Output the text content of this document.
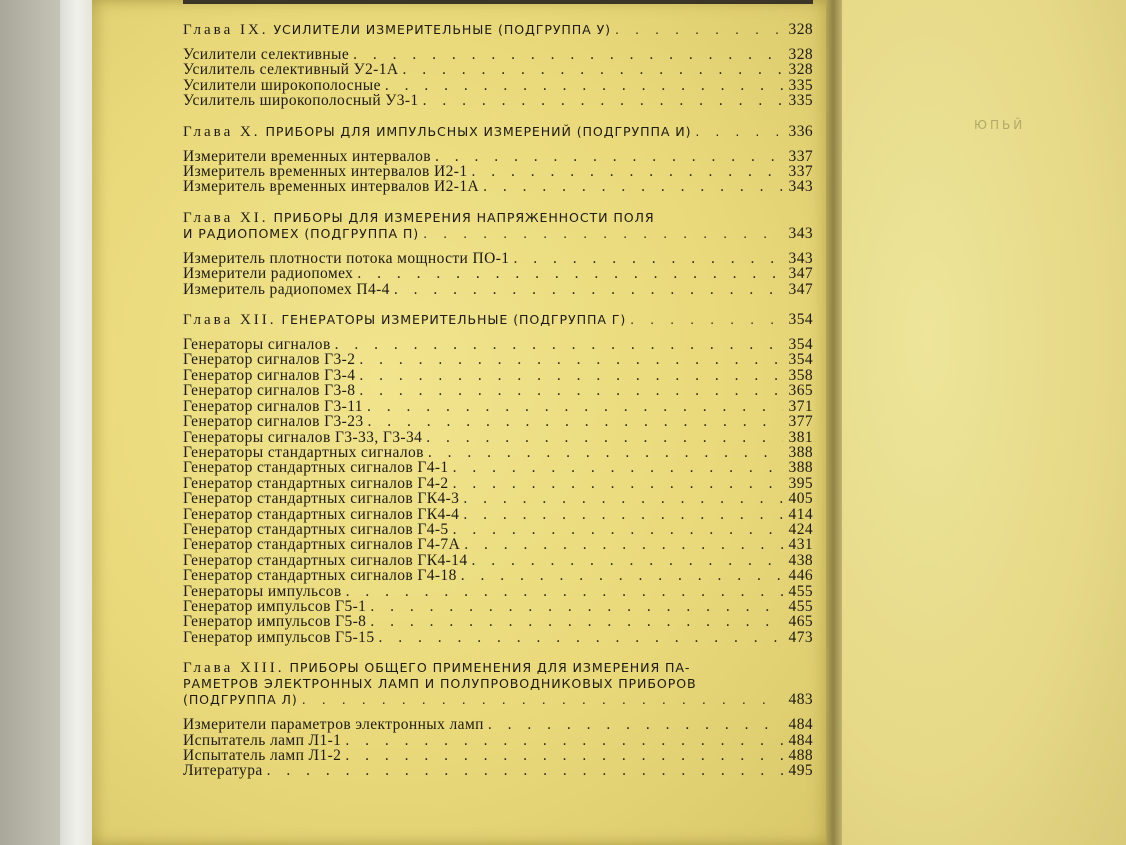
ЮПЬЙ
Глава IX. УСИЛИТЕЛИ ИЗМЕРИТЕЛЬНЫЕ (ПОДГРУППА У) . . .	328
Усилители селективные . . .	328
Усилитель селективный У2-1А . . .	328
Усилители широкополосные . . .	335
Усилитель широкополосный У3-1 . . .	335
Глава X. ПРИБОРЫ ДЛЯ ИМПУЛЬСНЫХ ИЗМЕРЕНИЙ (ПОДГРУППА И) . . .	336
Измерители временных интервалов . . .	337
Измеритель временных интервалов И2-1 . . .	337
Измеритель временных интервалов И2-1А . . .	343
Глава XI. ПРИБОРЫ ДЛЯ ИЗМЕРЕНИЯ НАПРЯЖЕННОСТИ ПОЛЯ
И РАДИОПОМЕХ (ПОДГРУППА П) . . .	343
Измеритель плотности потока мощности ПО-1 . . .	343
Измерители радиопомех . . .	347
Измеритель радиопомех П4-4 . . .	347
Глава XII. ГЕНЕРАТОРЫ ИЗМЕРИТЕЛЬНЫЕ (ПОДГРУППА Г) . . .	354
Генераторы сигналов . . .	354
Генератор сигналов Г3-2 . . .	354
Генератор сигналов Г3-4 . . .	358
Генератор сигналов Г3-8 . . .	365
Генератор сигналов Г3-11 . . .	371
Генератор сигналов Г3-23 . . .	377
Генераторы сигналов Г3-33, Г3-34 . . .	381
Генераторы стандартных сигналов . . .	388
Генератор стандартных сигналов Г4-1 . . .	388
Генератор стандартных сигналов Г4-2 . . .	395
Генератор стандартных сигналов ГК4-3 . . .	405
Генератор стандартных сигналов ГК4-4 . . .	414
Генератор стандартных сигналов Г4-5 . . .	424
Генератор стандартных сигналов Г4-7А . . .	431
Генератор стандартных сигналов ГК4-14 . . .	438
Генератор стандартных сигналов Г4-18 . . .	446
Генераторы импульсов . . .	455
Генератор импульсов Г5-1 . . .	455
Генератор импульсов Г5-8 . . .	465
Генератор импульсов Г5-15 . . .	473
Глава XIII. ПРИБОРЫ ОБЩЕГО ПРИМЕНЕНИЯ ДЛЯ ИЗМЕРЕНИЯ ПА-
РАМЕТРОВ ЭЛЕКТРОННЫХ ЛАМП И ПОЛУПРОВОДНИКОВЫХ ПРИБОРОВ
(ПОДГРУППА Л) . . .	483
Измерители параметров электронных ламп . . .	484
Испытатель ламп Л1-1 . . .	484
Испытатель ламп Л1-2 . . .	488
Литература . . .	495
